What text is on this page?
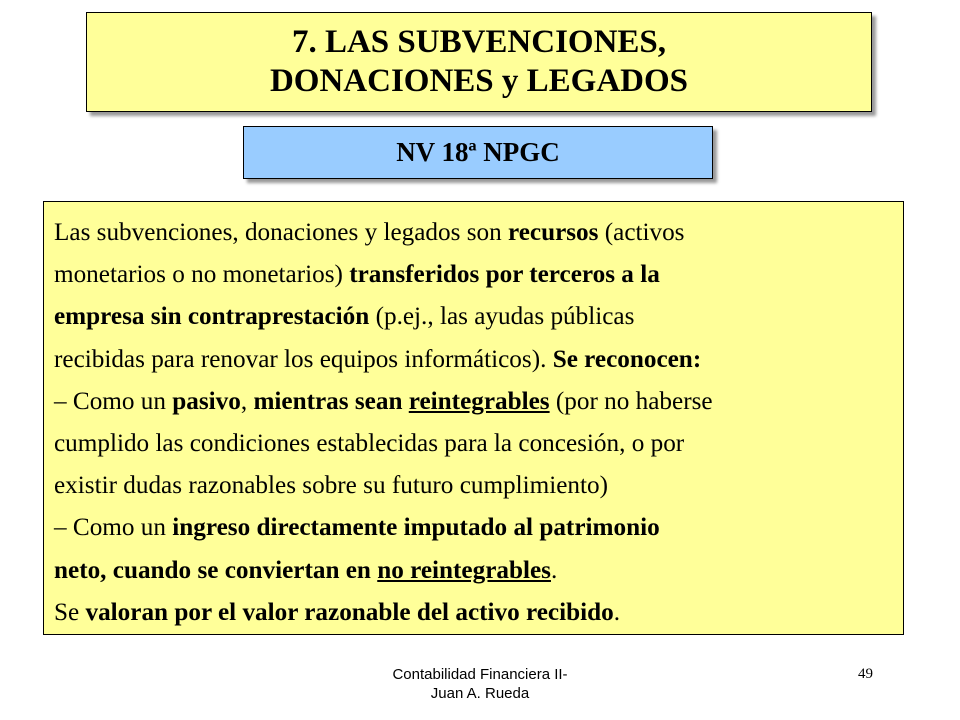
7. LAS SUBVENCIONES,
DONACIONES y LEGADOS
NV 18ª NPGC

Las subvenciones, donaciones y legados son recursos (activos

monetarios o no monetarios) transferidos por terceros a la

empresa sin contraprestación (p.ej., las ayudas públicas

recibidas para renovar los equipos informáticos). Se reconocen:

– Como un pasivo, mientras sean reintegrables (por no haberse

cumplido las condiciones establecidas para la concesión, o por

existir dudas razonables sobre su futuro cumplimiento)

– Como un ingreso directamente imputado al patrimonio

neto, cuando se conviertan en no reintegrables.

Se valoran por el valor razonable del activo recibido.

Contabilidad Financiera II-
Juan A. Rueda
49
